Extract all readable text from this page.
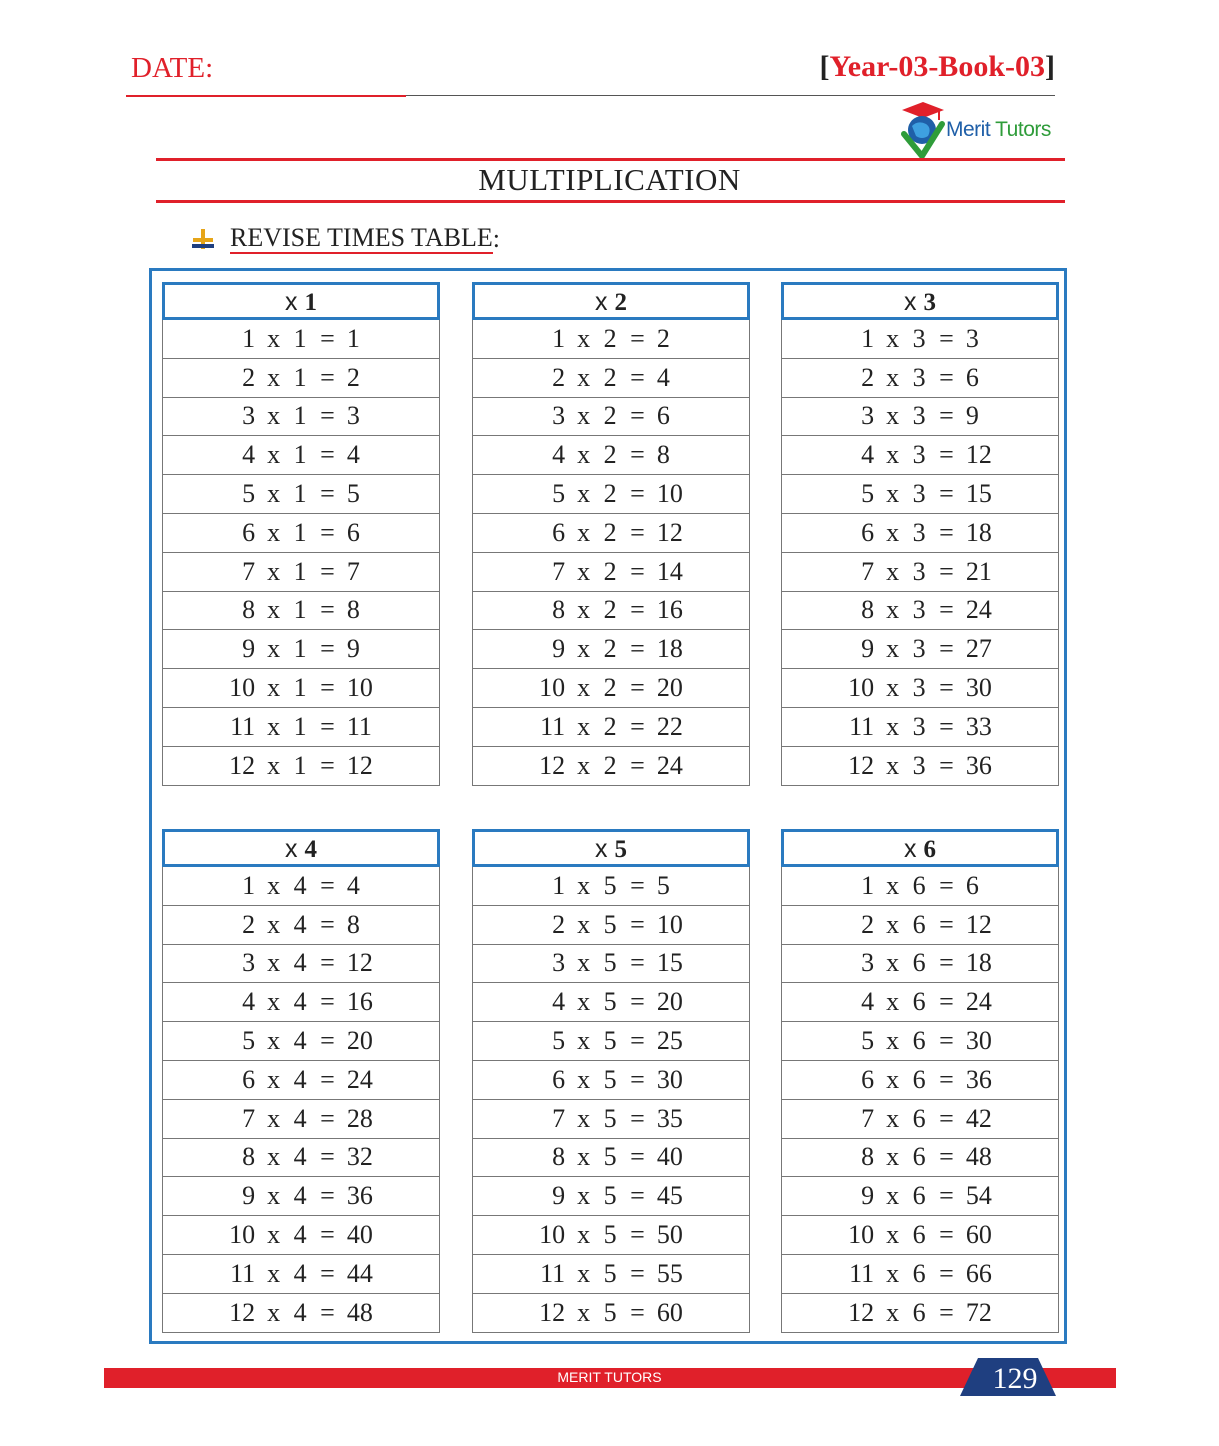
DATE:	[Year-03-Book-03]
Merit Tutors
MULTIPLICATION
REVISE TIMES TABLE :
x 1
1 x 1 = 1
2 x 1 = 2
3 x 1 = 3
4 x 1 = 4
5 x 1 = 5
6 x 1 = 6
7 x 1 = 7
8 x 1 = 8
9 x 1 = 9
10 x 1 = 10
11 x 1 = 11
12 x 1 = 12
x 2
1 x 2 = 2
2 x 2 = 4
3 x 2 = 6
4 x 2 = 8
5 x 2 = 10
6 x 2 = 12
7 x 2 = 14
8 x 2 = 16
9 x 2 = 18
10 x 2 = 20
11 x 2 = 22
12 x 2 = 24
x 3
1 x 3 = 3
2 x 3 = 6
3 x 3 = 9
4 x 3 = 12
5 x 3 = 15
6 x 3 = 18
7 x 3 = 21
8 x 3 = 24
9 x 3 = 27
10 x 3 = 30
11 x 3 = 33
12 x 3 = 36
x 4
1 x 4 = 4
2 x 4 = 8
3 x 4 = 12
4 x 4 = 16
5 x 4 = 20
6 x 4 = 24
7 x 4 = 28
8 x 4 = 32
9 x 4 = 36
10 x 4 = 40
11 x 4 = 44
12 x 4 = 48
x 5
1 x 5 = 5
2 x 5 = 10
3 x 5 = 15
4 x 5 = 20
5 x 5 = 25
6 x 5 = 30
7 x 5 = 35
8 x 5 = 40
9 x 5 = 45
10 x 5 = 50
11 x 5 = 55
12 x 5 = 60
x 6
1 x 6 = 6
2 x 6 = 12
3 x 6 = 18
4 x 6 = 24
5 x 6 = 30
6 x 6 = 36
7 x 6 = 42
8 x 6 = 48
9 x 6 = 54
10 x 6 = 60
11 x 6 = 66
12 x 6 = 72
MERIT TUTORS	129
